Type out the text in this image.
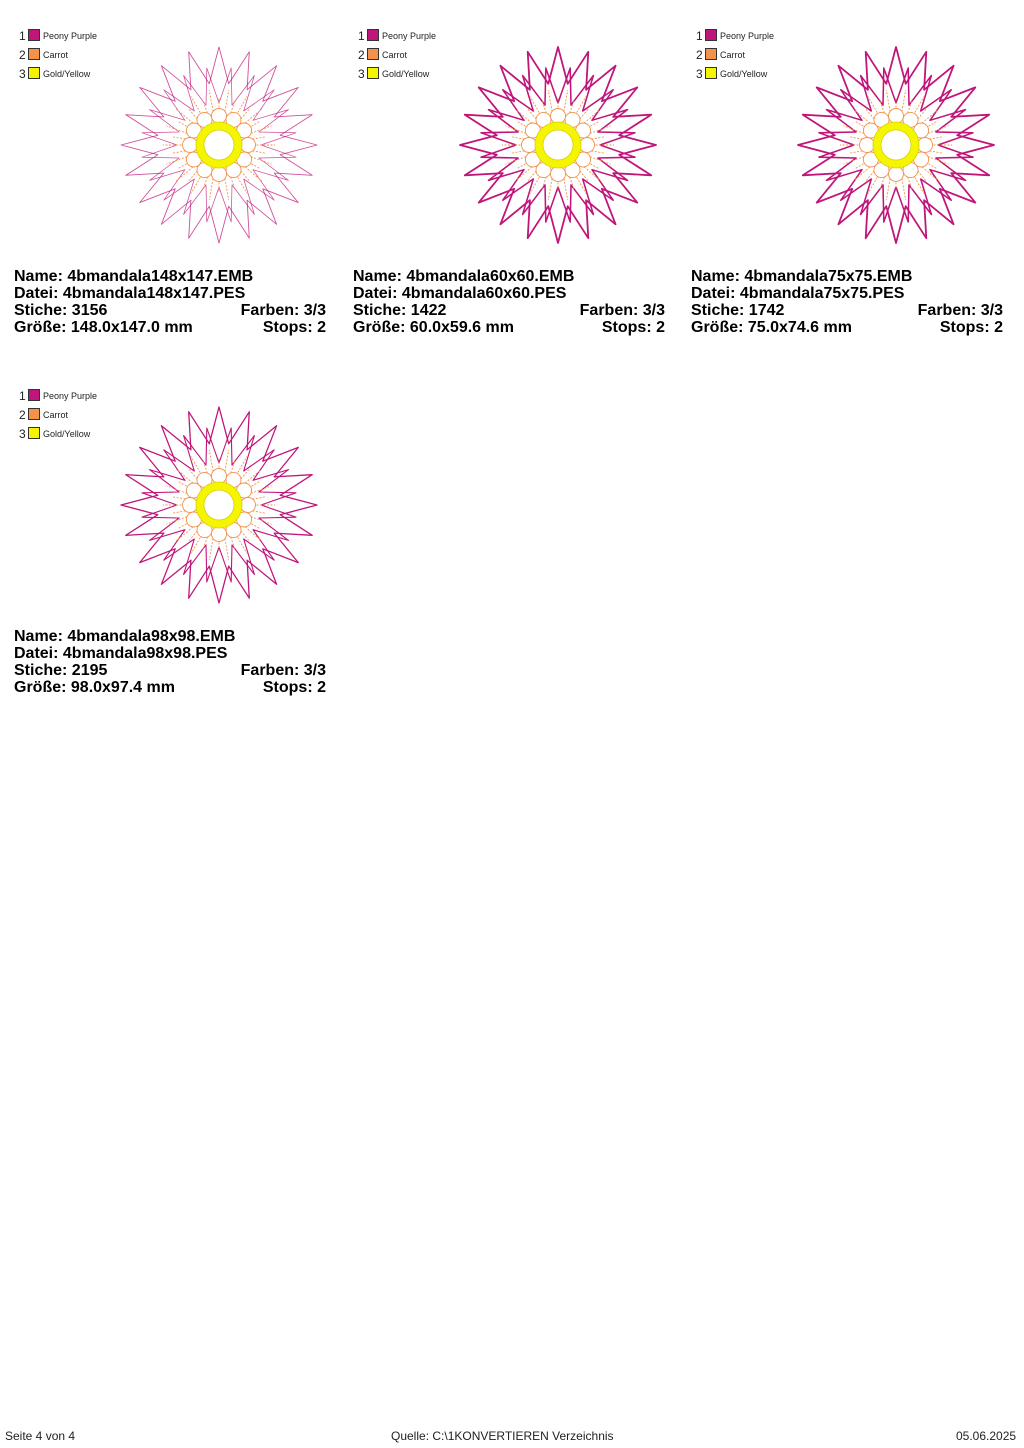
1 Peony Purple
2 Carrot
3 Gold/Yellow
Name: 4bmandala148x147.EMB
Datei: 4bmandala148x147.PES
Stiche: 3156	Farben: 3/3
Größe: 148.0x147.0 mm	Stops: 2
1 Peony Purple
2 Carrot
3 Gold/Yellow
Name: 4bmandala60x60.EMB
Datei: 4bmandala60x60.PES
Stiche: 1422	Farben: 3/3
Größe: 60.0x59.6 mm	Stops: 2
1 Peony Purple
2 Carrot
3 Gold/Yellow
Name: 4bmandala75x75.EMB
Datei: 4bmandala75x75.PES
Stiche: 1742	Farben: 3/3
Größe: 75.0x74.6 mm	Stops: 2
1 Peony Purple
2 Carrot
3 Gold/Yellow
Name: 4bmandala98x98.EMB
Datei: 4bmandala98x98.PES
Stiche: 2195	Farben: 3/3
Größe: 98.0x97.4 mm	Stops: 2
Seite 4 von 4	Quelle: C:\1KONVERTIEREN Verzeichnis	05.06.2025
